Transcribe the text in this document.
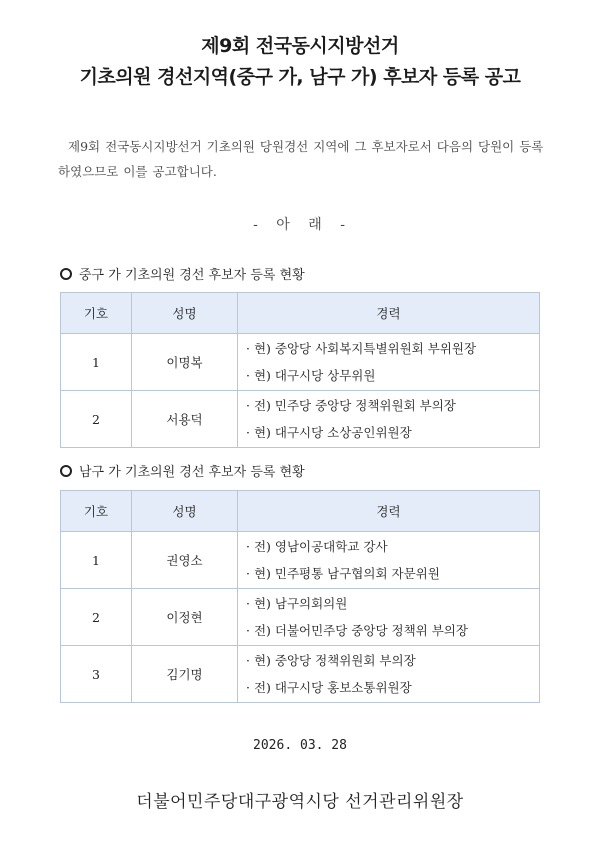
제9회 전국동시지방선거
기초의원 경선지역(중구 가, 남구 가) 후보자 등록 공고
제9회 전국동시지방선거 기초의원 당원경선 지역에 그 후보자로서 다음의 당원이 등록하였으므로 이를 공고합니다.
- 아 래 -
중구 가 기초의원 경선 후보자 등록 현황
기호	성명	경력
1	이명복	· 현) 중앙당 사회복지특별위원회 부위원장
· 현) 대구시당 상무위원

2	서용덕	· 전) 민주당 중앙당 정책위원회 부의장
· 현) 대구시당 소상공인위원장
남구 가 기초의원 경선 후보자 등록 현황
기호	성명	경력
1	권영소	· 전) 영남이공대학교 강사
· 현) 민주평통 남구협의회 자문위원

2	이정현	· 현) 남구의회의원
· 전) 더불어민주당 중앙당 정책위 부의장

3	김기명	· 현) 중앙당 정책위원회 부의장
· 전) 대구시당 홍보소통위원장
2026. 03. 28
더불어민주당대구광역시당 선거관리위원장
